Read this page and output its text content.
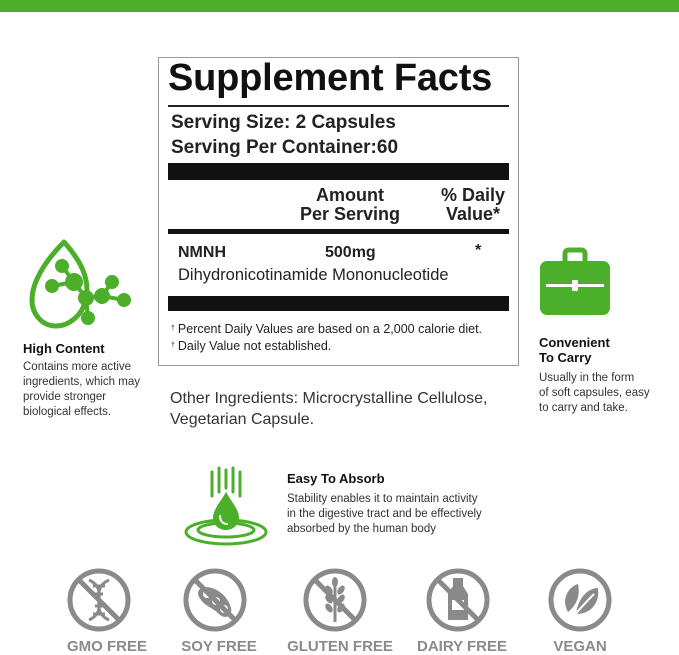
Supplement Facts
Serving Size: 2 Capsules
Serving Per Container:60
Amount
Per Serving
% Daily
Value*
NMNH	500mg	*
Dihydronicotinamide Mononucleotide
† Percent Daily Values are based on a 2,000 calorie diet.
† Daily Value not established.
Other Ingredients: Microcrystalline Cellulose,
Vegetarian Capsule.
High Content
Contains more active
ingredients, which may
provide stronger
biological effects.
Convenient
To Carry
Usually in the form
of soft capsules, easy
to carry and take.
Easy To Absorb
Stability enables it to maintain activity
in the digestive tract and be effectively
absorbed by the human body
GMO FREE	SOY FREE	GLUTEN FREE	DAIRY FREE	VEGAN
